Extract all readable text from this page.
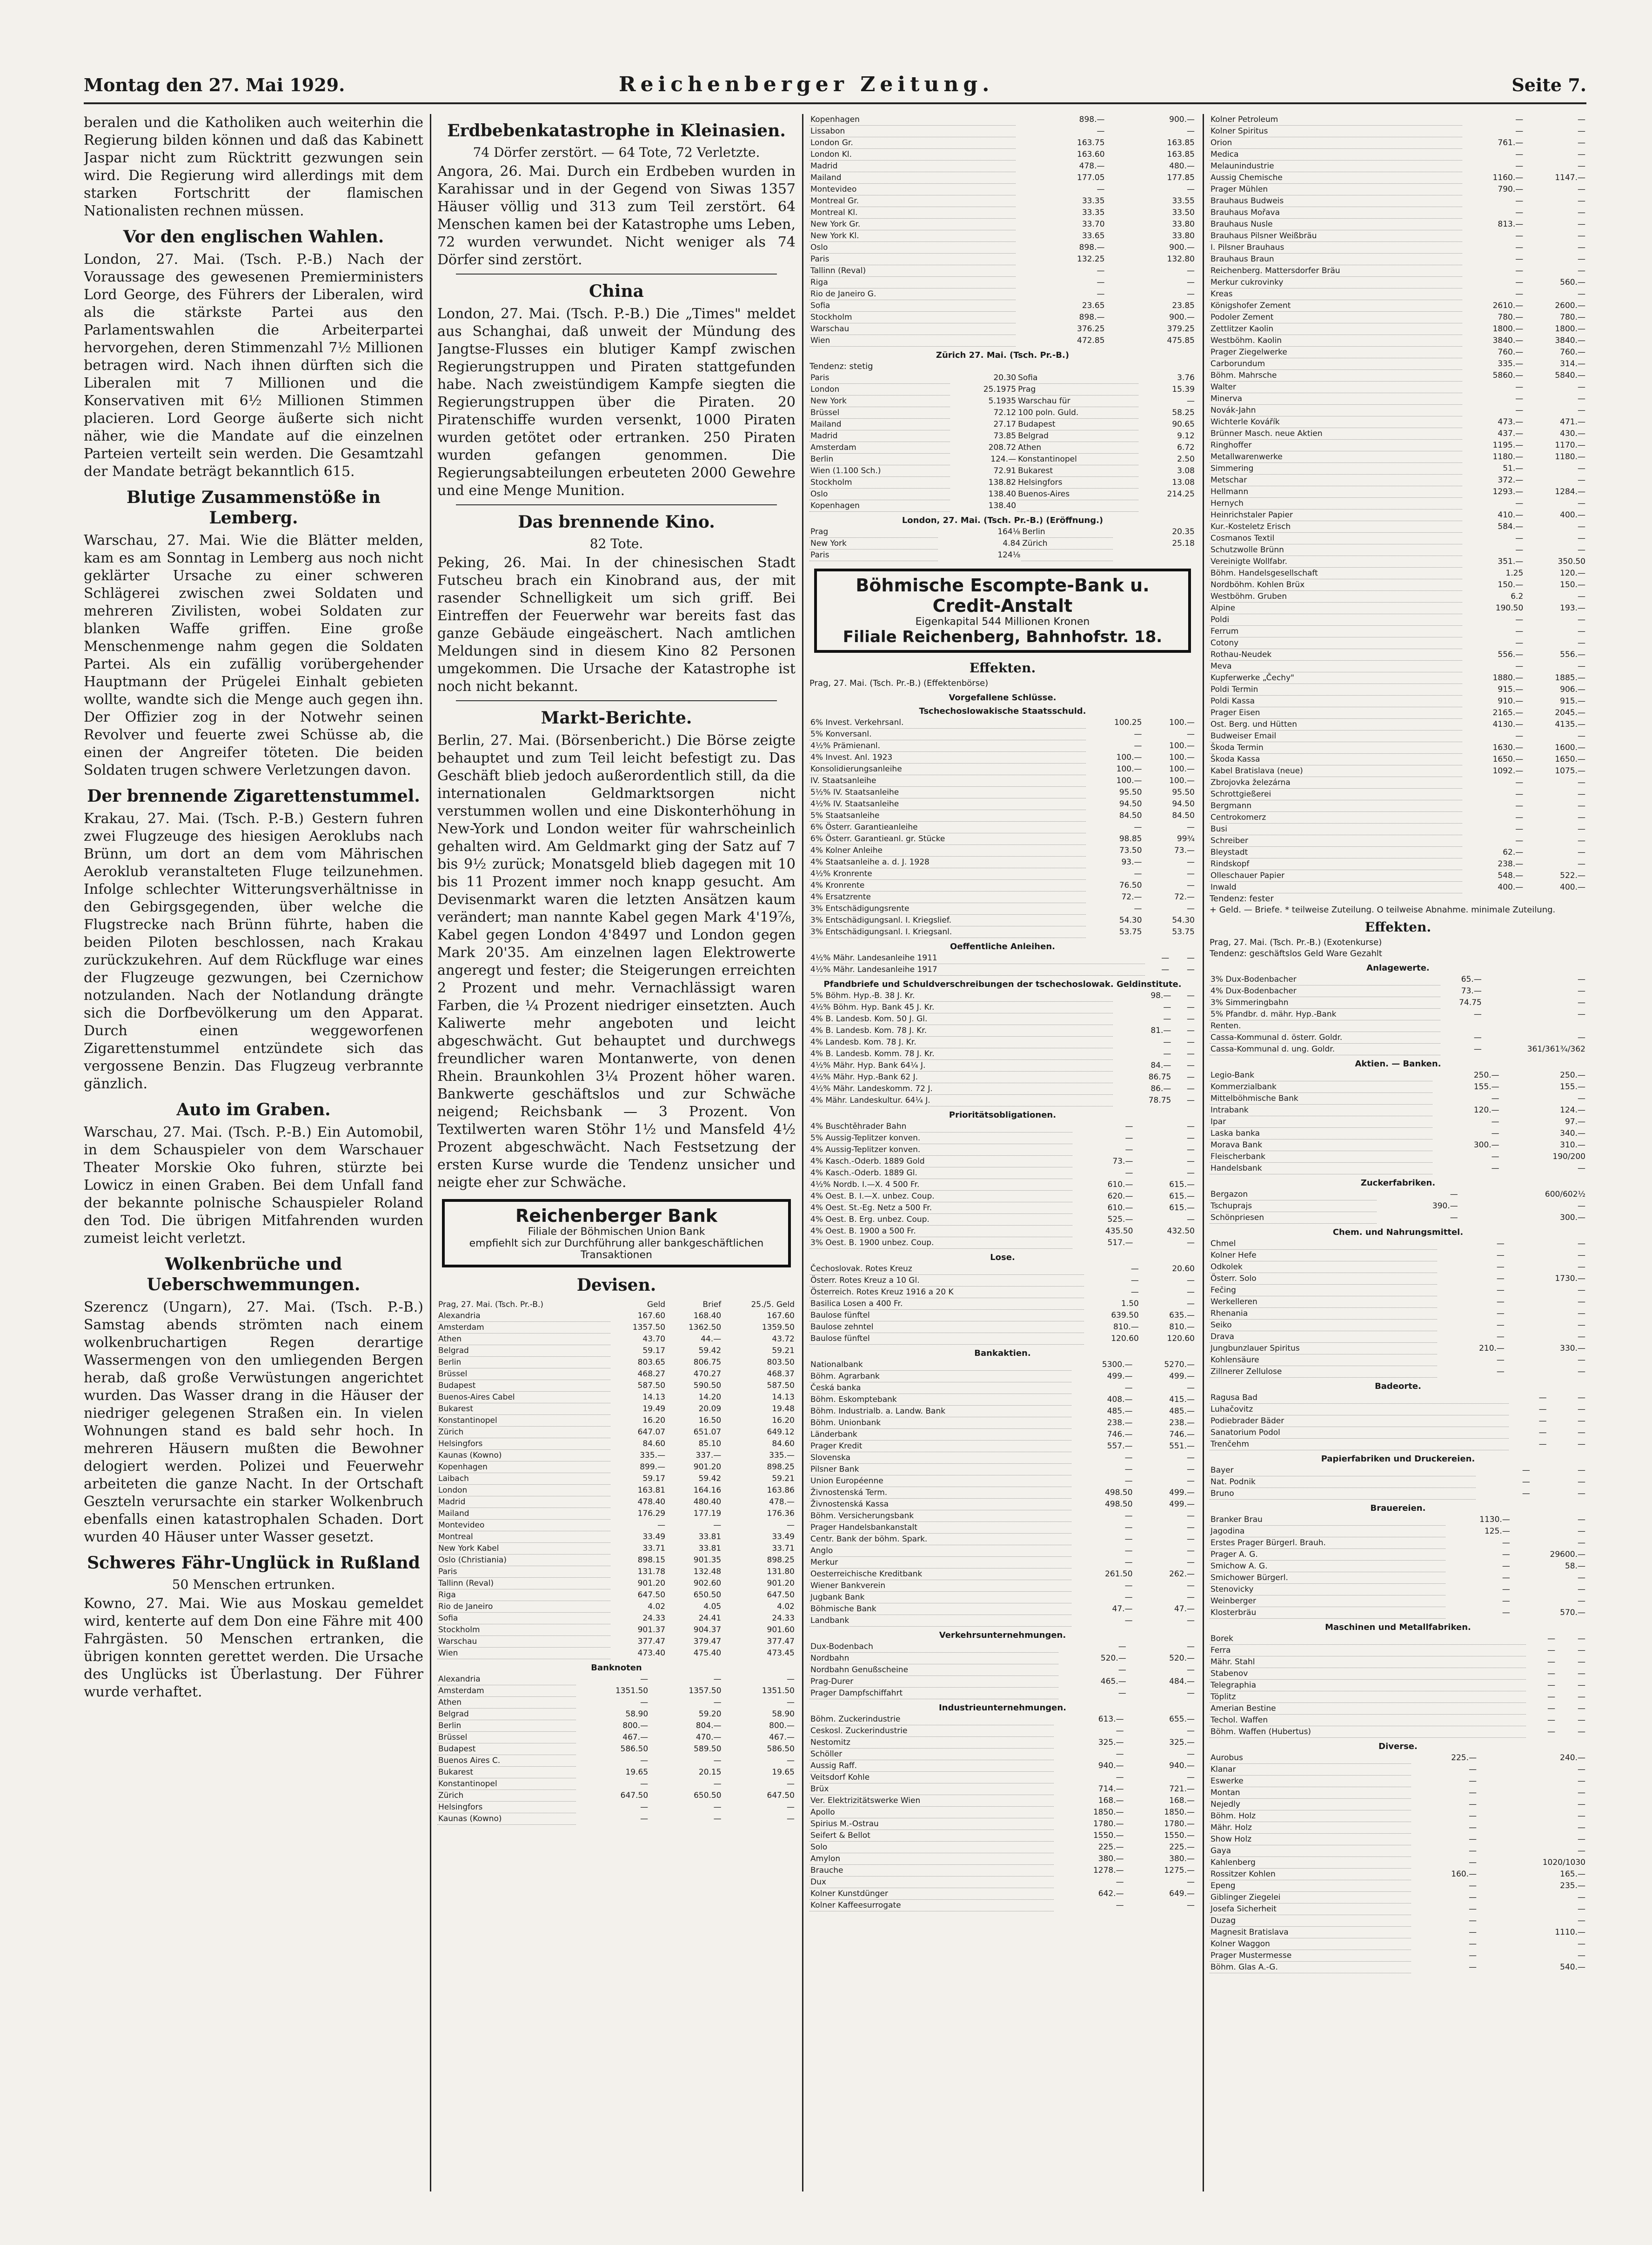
Montag den 27. Mai 1929.	Reichenberger Zeitung.	Seite 7.

beralen und die Katholiken auch weiterhin die Regierung bilden können und daß das Kabinett Jaspar nicht zum Rücktritt gezwungen sein wird. Die Regierung wird allerdings mit dem starken Fortschritt der flamischen Nationalisten rechnen müssen.

Vor den englischen Wahlen.

London, 27. Mai. (Tsch. P.-B.) Nach der Voraussage des gewesenen Premierministers Lord George, des Führers der Liberalen, wird als die stärkste Partei aus den Parlamentswahlen die Arbeiterpartei hervorgehen, deren Stimmenzahl 7½ Millionen betragen wird. Nach ihnen dürften sich die Liberalen mit 7 Millionen und die Konservativen mit 6½ Millionen Stimmen placieren. Lord George äußerte sich nicht näher, wie die Mandate auf die einzelnen Parteien verteilt sein werden. Die Gesamtzahl der Mandate beträgt bekanntlich 615.

Blutige Zusammenstöße in Lemberg.

Warschau, 27. Mai. Wie die Blätter melden, kam es am Sonntag in Lemberg aus noch nicht geklärter Ursache zu einer schweren Schlägerei zwischen zwei Soldaten und mehreren Zivilisten, wobei Soldaten zur blanken Waffe griffen. Eine große Menschenmenge nahm gegen die Soldaten Partei. Als ein zufällig vorübergehender Hauptmann der Prügelei Einhalt gebieten wollte, wandte sich die Menge auch gegen ihn. Der Offizier zog in der Notwehr seinen Revolver und feuerte zwei Schüsse ab, die einen der Angreifer töteten. Die beiden Soldaten trugen schwere Verletzungen davon.

Der brennende Zigarettenstummel.

Krakau, 27. Mai. (Tsch. P.-B.) Gestern fuhren zwei Flugzeuge des hiesigen Aeroklubs nach Brünn, um dort an dem vom Mährischen Aeroklub veranstalteten Fluge teilzunehmen. Infolge schlechter Witterungsverhältnisse in den Gebirgsgegenden, über welche die Flugstrecke nach Brünn führte, haben die beiden Piloten beschlossen, nach Krakau zurückzukehren. Auf dem Rückfluge war eines der Flugzeuge gezwungen, bei Czernichow notzulanden. Nach der Notlandung drängte sich die Dorfbevölkerung um den Apparat. Durch einen weggeworfenen Zigarettenstummel entzündete sich das vergossene Benzin. Das Flugzeug verbrannte gänzlich.

Auto im Graben.

Warschau, 27. Mai. (Tsch. P.-B.) Ein Automobil, in dem Schauspieler von dem Warschauer Theater Morskie Oko fuhren, stürzte bei Lowicz in einen Graben. Bei dem Unfall fand der bekannte polnische Schauspieler Roland den Tod. Die übrigen Mitfahrenden wurden zumeist leicht verletzt.

Wolkenbrüche und Ueberschwemmungen.

Szerencz (Ungarn), 27. Mai. (Tsch. P.-B.) Samstag abends strömten nach einem wolkenbruchartigen Regen derartige Wassermengen von den umliegenden Bergen herab, daß große Verwüstungen angerichtet wurden. Das Wasser drang in die Häuser der niedriger gelegenen Straßen ein. In vielen Wohnungen stand es bald sehr hoch. In mehreren Häusern mußten die Bewohner delogiert werden. Polizei und Feuerwehr arbeiteten die ganze Nacht. In der Ortschaft Geszteln verursachte ein starker Wolkenbruch ebenfalls einen katastrophalen Schaden. Dort wurden 40 Häuser unter Wasser gesetzt.

Schweres Fähr-Unglück in Rußland
50 Menschen ertrunken.

Kowno, 27. Mai. Wie aus Moskau gemeldet wird, kenterte auf dem Don eine Fähre mit 400 Fahrgästen. 50 Menschen ertranken, die übrigen konnten gerettet werden. Die Ursache des Unglücks ist Überlastung. Der Führer wurde verhaftet.

Erdbebenkatastrophe in Kleinasien.
74 Dörfer zerstört. — 64 Tote, 72 Verletzte.

Angora, 26. Mai. Durch ein Erdbeben wurden in Karahissar und in der Gegend von Siwas 1357 Häuser völlig und 313 zum Teil zerstört. 64 Menschen kamen bei der Katastrophe ums Leben, 72 wurden verwundet. Nicht weniger als 74 Dörfer sind zerstört.

China

London, 27. Mai. (Tsch. P.-B.) Die „Times" meldet aus Schanghai, daß unweit der Mündung des Jangtse-Flusses ein blutiger Kampf zwischen Regierungstruppen und Piraten stattgefunden habe. Nach zweistündigem Kampfe siegten die Regierungstruppen über die Piraten. 20 Piratenschiffe wurden versenkt, 1000 Piraten wurden getötet oder ertranken. 250 Piraten wurden gefangen genommen. Die Regierungsabteilungen erbeuteten 2000 Gewehre und eine Menge Munition.

Das brennende Kino.
82 Tote.

Peking, 26. Mai. In der chinesischen Stadt Futscheu brach ein Kinobrand aus, der mit rasender Schnelligkeit um sich griff. Bei Eintreffen der Feuerwehr war bereits fast das ganze Gebäude eingeäschert. Nach amtlichen Meldungen sind in diesem Kino 82 Personen umgekommen. Die Ursache der Katastrophe ist noch nicht bekannt.

Markt-Berichte.

Berlin, 27. Mai. (Börsenbericht.) Die Börse zeigte behauptet und zum Teil leicht befestigt zu. Das Geschäft blieb jedoch außerordentlich still, da die internationalen Geldmarktsorgen nicht verstummen wollen und eine Diskonterhöhung in New-York und London weiter für wahrscheinlich gehalten wird. Am Geldmarkt ging der Satz auf 7 bis 9½ zurück; Monatsgeld blieb dagegen mit 10 bis 11 Prozent immer noch knapp gesucht. Am Devisenmarkt waren die letzten Ansätzen kaum verändert; man nannte Kabel gegen Mark 4'19⅞, Kabel gegen London 4'8497 und London gegen Mark 20'35. Am einzelnen lagen Elektrowerte angeregt und fester; die Steigerungen erreichten 2 Prozent und mehr. Vernachlässigt waren Farben, die ¼ Prozent niedriger einsetzten. Auch Kaliwerte mehr angeboten und leicht abgeschwächt. Gut behauptet und durchwegs freundlicher waren Montanwerte, von denen Rhein. Braunkohlen 3¼ Prozent höher waren. Bankwerte geschäftslos und zur Schwäche neigend; Reichsbank — 3 Prozent. Von Textilwerten waren Stöhr 1½ und Mansfeld 4½ Prozent abgeschwächt. Nach Festsetzung der ersten Kurse wurde die Tendenz unsicher und neigte eher zur Schwäche.

Reichenberger Bank
Filiale der Böhmischen Union Bank
empfiehlt sich zur Durchführung aller bankgeschäftlichen Transaktionen
Devisen.
Prag, 27. Mai. (Tsch. Pr.-B.)	Geld	Brief	25./5. Geld
Alexandria	167.60	168.40	167.60
Amsterdam	1357.50	1362.50	1359.50
Athen	43.70	44.—	43.72
Belgrad	59.17	59.42	59.21
Berlin	803.65	806.75	803.50
Brüssel	468.27	470.27	468.37
Budapest	587.50	590.50	587.50
Buenos-Aires Cabel	14.13	14.20	14.13
Bukarest	19.49	20.09	19.48
Konstantinopel	16.20	16.50	16.20
Zürich	647.07	651.07	649.12
Helsingfors	84.60	85.10	84.60
Kaunas (Kowno)	335.—	337.—	335.—
Kopenhagen	899.—	901.20	898.25
Laibach	59.17	59.42	59.21
London	163.81	164.16	163.86
Madrid	478.40	480.40	478.—
Mailand	176.29	177.19	176.36
Montevideo	—	—	—
Montreal	33.49	33.81	33.49
New York Kabel	33.71	33.81	33.71
Oslo (Christiania)	898.15	901.35	898.25
Paris	131.78	132.48	131.80
Tallinn (Reval)	901.20	902.60	901.20
Riga	647.50	650.50	647.50
Rio de Janeiro	4.02	4.05	4.02
Sofia	24.33	24.41	24.33
Stockholm	901.37	904.37	901.60
Warschau	377.47	379.47	377.47
Wien	473.40	475.40	473.45
Banknoten
Alexandria	—	—	—
Amsterdam	1351.50	1357.50	1351.50
Athen	—	—	—
Belgrad	58.90	59.20	58.90
Berlin	800.—	804.—	800.—
Brüssel	467.—	470.—	467.—
Budapest	586.50	589.50	586.50
Buenos Aires C.	—	—	—
Bukarest	19.65	20.15	19.65
Konstantinopel	—	—	—
Zürich	647.50	650.50	647.50
Helsingfors	—	—	—
Kaunas (Kowno)	—	—	—
Kopenhagen	898.—	900.—
Lissabon	—	—
London Gr.	163.75	163.85
London Kl.	163.60	163.85
Madrid	478.—	480.—
Mailand	177.05	177.85
Montevideo	—	—
Montreal Gr.	33.35	33.55
Montreal Kl.	33.35	33.50
New York Gr.	33.70	33.80
New York Kl.	33.65	33.80
Oslo	898.—	900.—
Paris	132.25	132.80
Tallinn (Reval)	—	—
Riga	—	—
Rio de Janeiro G.	—	—
Sofia	23.65	23.85
Stockholm	898.—	900.—
Warschau	376.25	379.25
Wien	472.85	475.85
Zürich 27. Mai. (Tsch. Pr.-B.)
Tendenz: stetig
Paris	20.30	Sofia	3.76
London	25.1975	Prag	15.39
New York	5.1935	Warschau für	—
Brüssel	72.12	100 poln. Guld.	58.25
Mailand	27.17	Budapest	90.65
Madrid	73.85	Belgrad	9.12
Amsterdam	208.72	Athen	6.72
Berlin	124.—	Konstantinopel	2.50
Wien (1.100 Sch.)	72.91	Bukarest	3.08
Stockholm	138.82	Helsingfors	13.08
Oslo	138.40	Buenos-Aires	214.25
Kopenhagen	138.40		
London, 27. Mai. (Tsch. Pr.-B.) (Eröffnung.)
Prag	164⅛	Berlin	20.35
New York	4.84	Zürich	25.18
Paris	124⅛		
Böhmische Escompte-Bank u. Credit-Anstalt
Eigenkapital 544 Millionen Kronen
Filiale Reichenberg, Bahnhofstr. 18.
Effekten.
Prag, 27. Mai. (Tsch. Pr.-B.) (Effektenbörse)
Vorgefallene Schlüsse.
Tschechoslowakische Staatsschuld.
6% Invest. Verkehrsanl.	100.25	100.—
5% Konversanl.	—	—
4½% Prämienanl.	—	100.—
4% Invest. Anl. 1923	100.—	100.—
Konsolidierungsanleihe	100.—	100.—
IV. Staatsanleihe	100.—	100.—
5½% IV. Staatsanleihe	95.50	95.50
4½% IV. Staatsanleihe	94.50	94.50
5% Staatsanleihe	84.50	84.50
6% Österr. Garantieanleihe	—	—
6% Österr. Garantieanl. gr. Stücke	98.85	99¾
4% Kolner Anleihe	73.50	73.—
4% Staatsanleihe a. d. J. 1928	93.—	—
4½% Kronrente	—	—
4% Kronrente	76.50	—
4% Ersatzrente	72.—	72.—
3% Entschädigungsrente	—	—
3% Entschädigungsanl. I. Kriegslief.	54.30	54.30
3% Entschädigungsanl. I. Kriegsanl.	53.75	53.75
Oeffentliche Anleihen.
4½% Mähr. Landesanleihe 1911	—	—
4½% Mähr. Landesanleihe 1917	—	—
Pfandbriefe und Schuldverschreibungen der tschechoslowak. Geldinstitute.
5% Böhm. Hyp.-B. 38 J. Kr.	98.—	—
4½% Böhm. Hyp. Bank 45 J. Kr.	—	—
4% B. Landesb. Kom. 50 J. Gl.	—	—
4% B. Landesb. Kom. 78 J. Kr.	81.—	—
4% Landesb. Kom. 78 J. Kr.	—	—
4% B. Landesb. Komm. 78 J. Kr.	—	—
4½% Mähr. Hyp. Bank 64¼ J.	84.—	—
4½% Mähr. Hyp.-Bank 62 J.	86.75	—
4½% Mähr. Landeskomm. 72 J.	86.—	—
4% Mähr. Landeskultur. 64¼ J.	78.75	—
Prioritätsobligationen.
4% Buschtěhrader Bahn	—	—
5% Aussig-Teplitzer konven.	—	—
4% Aussig-Teplitzer konven.	—	—
4% Kasch.-Oderb. 1889 Gold	73.—	—
4% Kasch.-Oderb. 1889 Gl.	—	—
4½% Nordb. I.—X. 4 500 Fr.	610.—	615.—
4% Oest. B. I.—X. unbez. Coup.	620.—	615.—
4% Oest. St.-Eg. Netz a 500 Fr.	610.—	615.—
4% Oest. B. Erg. unbez. Coup.	525.—	—
4% Oest. B. 1900 a 500 Fr.	435.50	432.50
3% Oest. B. 1900 unbez. Coup.	517.—	—
Lose.
Čechoslovak. Rotes Kreuz	—	20.60
Österr. Rotes Kreuz a 10 Gl.	—	—
Österreich. Rotes Kreuz 1916 a 20 K	—	—
Basilica Losen a 400 Fr.	1.50	—
Baulose fünftel	639.50	635.—
Baulose zehntel	810.—	810.—
Baulose fünftel	120.60	120.60
Bankaktien.
Nationalbank	5300.—	5270.—
Böhm. Agrarbank	499.—	499.—
Česká banka	—	—
Böhm. Eskomptebank	408.—	415.—
Böhm. Industrialb. a. Landw. Bank	485.—	485.—
Böhm. Unionbank	238.—	238.—
Länderbank	746.—	746.—
Prager Kredit	557.—	551.—
Slovenska	—	—
Pilsner Bank	—	—
Union Européenne	—	—
Živnostenská Term.	498.50	499.—
Živnostenská Kassa	498.50	499.—
Böhm. Versicherungsbank	—	—
Prager Handelsbankanstalt	—	—
Centr. Bank der böhm. Spark.	—	—
Anglo	—	—
Merkur	—	—
Oesterreichische Kreditbank	261.50	262.—
Wiener Bankverein	—	—
Jugbank Bank	—	—
Böhmische Bank	47.—	47.—
Landbank	—	—
Verkehrsunternehmungen.
Dux-Bodenbach	—	—
Nordbahn	520.—	520.—
Nordbahn Genußscheine	—	—
Prag-Durer	465.—	484.—
Prager Dampfschiffahrt	—	—
Industrieunternehmungen.
Böhm. Zuckerindustrie	613.—	655.—
Ceskosl. Zuckerindustrie	—	—
Nestomitz	325.—	325.—
Schöller	—	—
Aussig Raff.	940.—	940.—
Veitsdorf Kohle	—	—
Brüx	714.—	721.—
Ver. Elektrizitätswerke Wien	168.—	168.—
Apollo	1850.—	1850.—
Spirius M.-Ostrau	1780.—	1780.—
Seifert & Bellot	1550.—	1550.—
Solo	225.—	225.—
Amylon	380.—	380.—
Brauche	1278.—	1275.—
Dux	—	—
Kolner Kunstdünger	642.—	649.—
Kolner Kaffeesurrogate	—	—
Kolner Petroleum	—	—
Kolner Spiritus	—	—
Orion	761.—	—
Medica	—	—
Melaunindustrie	—	—
Aussig Chemische	1160.—	1147.—
Prager Mühlen	790.—	—
Brauhaus Budweis	—	—
Brauhaus Mořava	—	—
Brauhaus Nusle	813.—	—
Brauhaus Pilsner Weißbräu	—	—
I. Pilsner Brauhaus	—	—
Brauhaus Braun	—	—
Reichenberg. Mattersdorfer Bräu	—	—
Merkur cukrovinky	—	560.—
Kreas	—	—
Königshofer Zement	2610.—	2600.—
Podoler Zement	780.—	780.—
Zettlitzer Kaolin	1800.—	1800.—
Westböhm. Kaolin	3840.—	3840.—
Prager Ziegelwerke	760.—	760.—
Carborundum	335.—	314.—
Böhm. Mahrsche	5860.—	5840.—
Walter	—	—
Minerva	—	—
Novák-Jahn	—	—
Wichterle Kovářík	473.—	471.—
Brünner Masch. neue Aktien	437.—	430.—
Ringhoffer	1195.—	1170.—
Metallwarenwerke	1180.—	1180.—
Simmering	51.—	—
Metschar	372.—	—
Hellmann	1293.—	1284.—
Hernych	—	—
Heinrichstaler Papier	410.—	400.—
Kur.-Kosteletz Erisch	584.—	—
Cosmanos Textil	—	—
Schutzwolle Brünn	—	—
Vereinigte Wollfabr.	351.—	350.50
Böhm. Handelsgesellschaft	1.25	120.—
Nordböhm. Kohlen Brüx	150.—	150.—
Westböhm. Gruben	6.2	—
Alpine	190.50	193.—
Poldi	—	—
Ferrum	—	—
Cotony	—	—
Rothau-Neudek	556.—	556.—
Meva	—	—
Kupferwerke „Čechy"	1880.—	1885.—
Poldi Termin	915.—	906.—
Poldi Kassa	910.—	915.—
Prager Eisen	2165.—	2045.—
Ost. Berg. und Hütten	4130.—	4135.—
Budweiser Email	—	—
Škoda Termin	1630.—	1600.—
Škoda Kassa	1650.—	1650.—
Kabel Bratislava (neue)	1092.—	1075.—
Zbrojovka železárna	—	—
Schrottgießerei	—	—
Bergmann	—	—
Centrokomerz	—	—
Busi	—	—
Schreiber	—	—
Bleystadt	62.—	—
Rindskopf	238.—	—
Olleschauer Papier	548.—	522.—
Inwald	400.—	400.—
Tendenz: fester
+ Geld. — Briefe. * teilweise Zuteilung. O teilweise Abnahme. minimale Zuteilung.
Effekten.
Prag, 27. Mai. (Tsch. Pr.-B.) (Exotenkurse)
Tendenz: geschäftslos Geld Ware Gezahlt
Anlagewerte.
3% Dux-Bodenbacher	65.—	—
4% Dux-Bodenbacher	73.—	—
3% Simmeringbahn	74.75	—
5% Pfandbr. d. mähr. Hyp.-Bank	—	—
Renten.		
Cassa-Kommunal d. österr. Goldr.	—	—
Cassa-Kommunal d. ung. Goldr.	—	361/361¾/362
Aktien. — Banken.
Legio-Bank	250.—	250.—
Kommerzialbank	155.—	155.—
Mittelböhmische Bank	—	—
Intrabank	120.—	124.—
Ipar	—	97.—
Laska banka	—	340.—
Morava Bank	300.—	310.—
Fleischerbank	—	190/200
Handelsbank	—	—
Zuckerfabriken.
Bergazon	—	600/602½
Tschuprajs	390.—	—
Schönpriesen	—	300.—
Chem. und Nahrungsmittel.
Chmel	—	—
Kolner Hefe	—	—
Odkolek	—	—
Österr. Solo	—	1730.—
Fečing	—	—
Werkelleren	—	—
Rhenania	—	—
Seiko	—	—
Drava	—	—
Jungbunzlauer Spiritus	210.—	330.—
Kohlensäure	—	—
Zillnerer Zellulose	—	—
Badeorte.
Ragusa Bad	—	—
Luhačovitz	—	—
Podiebrader Bäder	—	—
Sanatorium Podol	—	—
Trenčehm	—	—
Papierfabriken und Druckereien.
Bayer	—	—
Nat. Podnik	—	—
Bruno	—	—
Brauereien.
Branker Brau	1130.—	—
Jagodina	125.—	—
Erstes Prager Bürgerl. Brauh.	—	—
Prager A. G.	—	29600.—
Smichow A. G.	—	58.—
Smichower Bürgerl.	—	—
Stenovicky	—	—
Weinberger	—	—
Klosterbräu	—	570.—
Maschinen und Metallfabriken.
Borek	—	—
Ferra	—	—
Mähr. Stahl	—	—
Stabenov	—	—
Telegraphia	—	—
Töplitz	—	—
Amerian Bestine	—	—
Techol. Waffen	—	—
Böhm. Waffen (Hubertus)	—	—
Diverse.
Aurobus	225.—	240.—
Klanar	—	—
Eswerke	—	—
Montan	—	—
Nejedly	—	—
Böhm. Holz	—	—
Mähr. Holz	—	—
Show Holz	—	—
Gaya	—	—
Kahlenberg	—	1020/1030
Rossitzer Kohlen	160.—	165.—
Epeng	—	235.—
Giblinger Ziegelei	—	—
Josefa Sicherheit	—	—
Duzag	—	—
Magnesit Bratislava	—	1110.—
Kolner Waggon	—	—
Prager Mustermesse	—	—
Böhm. Glas A.-G.	—	540.—
